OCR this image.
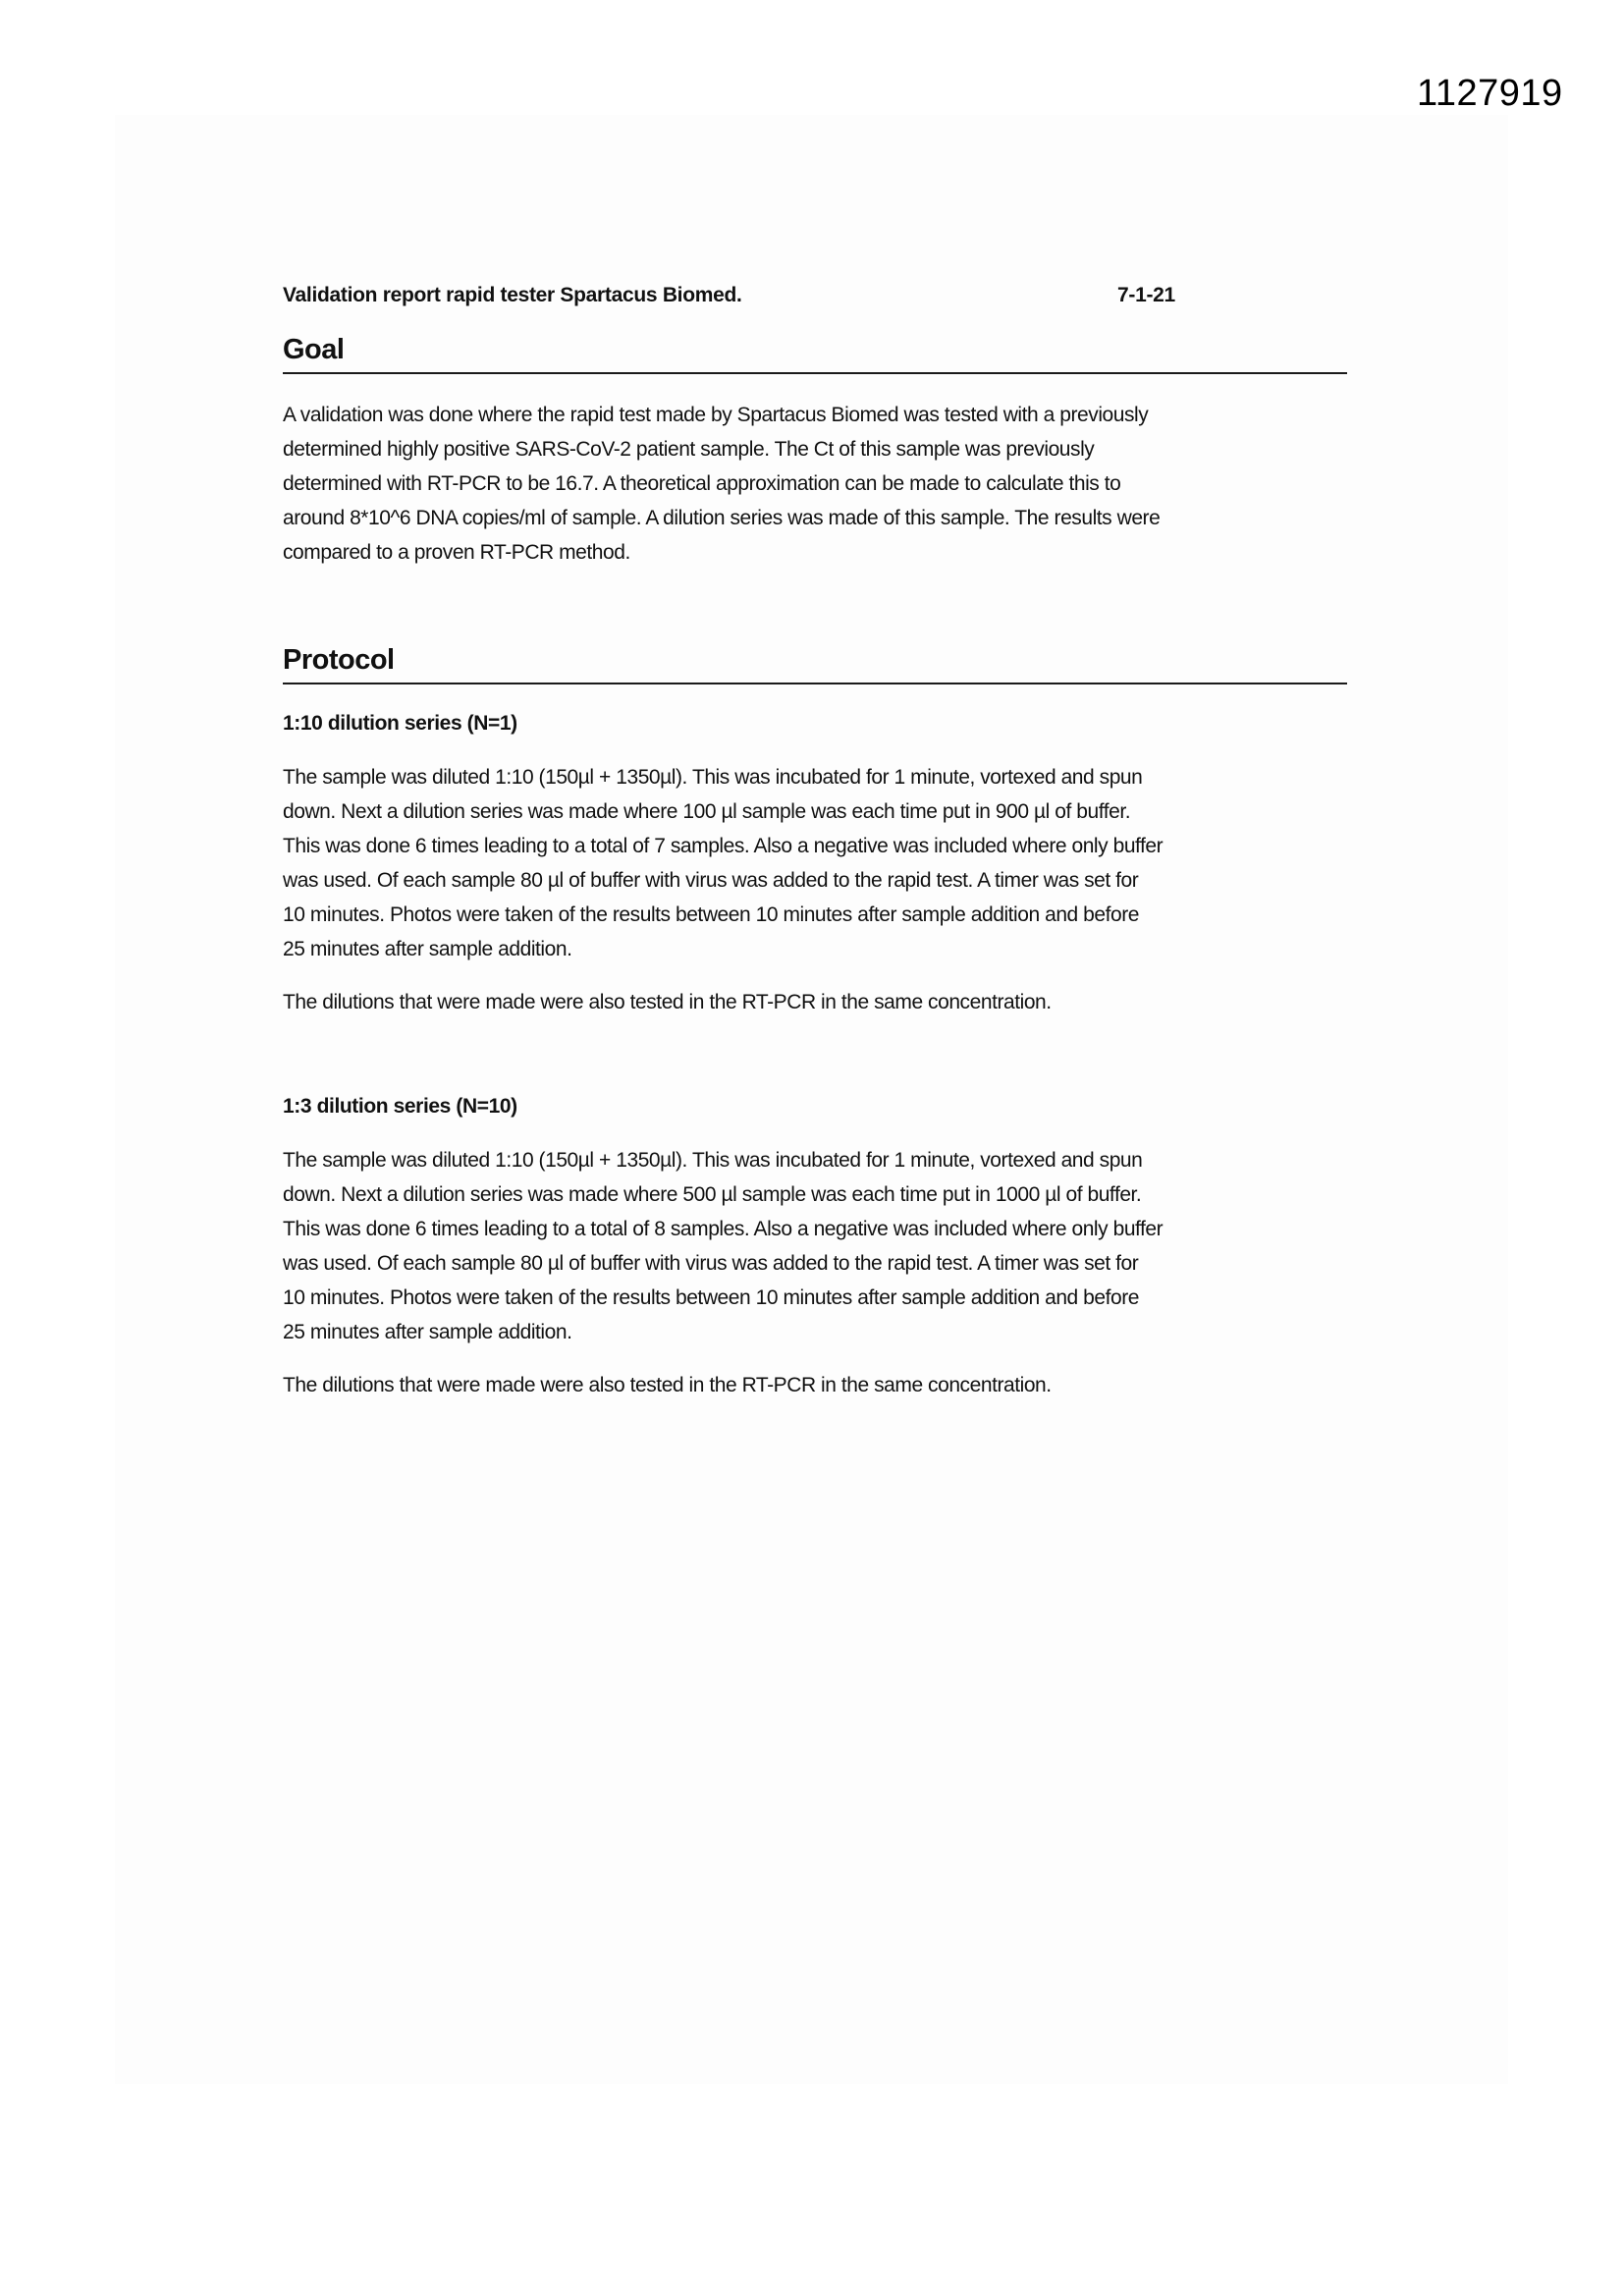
1127919
Validation report rapid tester Spartacus Biomed.	7-1-21
Goal

A validation was done where the rapid test made by Spartacus Biomed was tested with a previously
determined highly positive SARS-CoV-2 patient sample. The Ct of this sample was previously
determined with RT-PCR to be 16.7. A theoretical approximation can be made to calculate this to
around 8*10^6 DNA copies/ml of sample. A dilution series was made of this sample. The results were
compared to a proven RT-PCR method.

Protocol
1:10 dilution series (N=1)

The sample was diluted 1:10 (150µl + 1350µl). This was incubated for 1 minute, vortexed and spun
down. Next a dilution series was made where 100 µl sample was each time put in 900 µl of buffer.
This was done 6 times leading to a total of 7 samples. Also a negative was included where only buffer
was used. Of each sample 80 µl of buffer with virus was added to the rapid test. A timer was set for
10 minutes. Photos were taken of the results between 10 minutes after sample addition and before
25 minutes after sample addition.

The dilutions that were made were also tested in the RT-PCR in the same concentration.

1:3 dilution series (N=10)

The sample was diluted 1:10 (150µl + 1350µl). This was incubated for 1 minute, vortexed and spun
down. Next a dilution series was made where 500 µl sample was each time put in 1000 µl of buffer.
This was done 6 times leading to a total of 8 samples. Also a negative was included where only buffer
was used. Of each sample 80 µl of buffer with virus was added to the rapid test. A timer was set for
10 minutes. Photos were taken of the results between 10 minutes after sample addition and before
25 minutes after sample addition.

The dilutions that were made were also tested in the RT-PCR in the same concentration.
